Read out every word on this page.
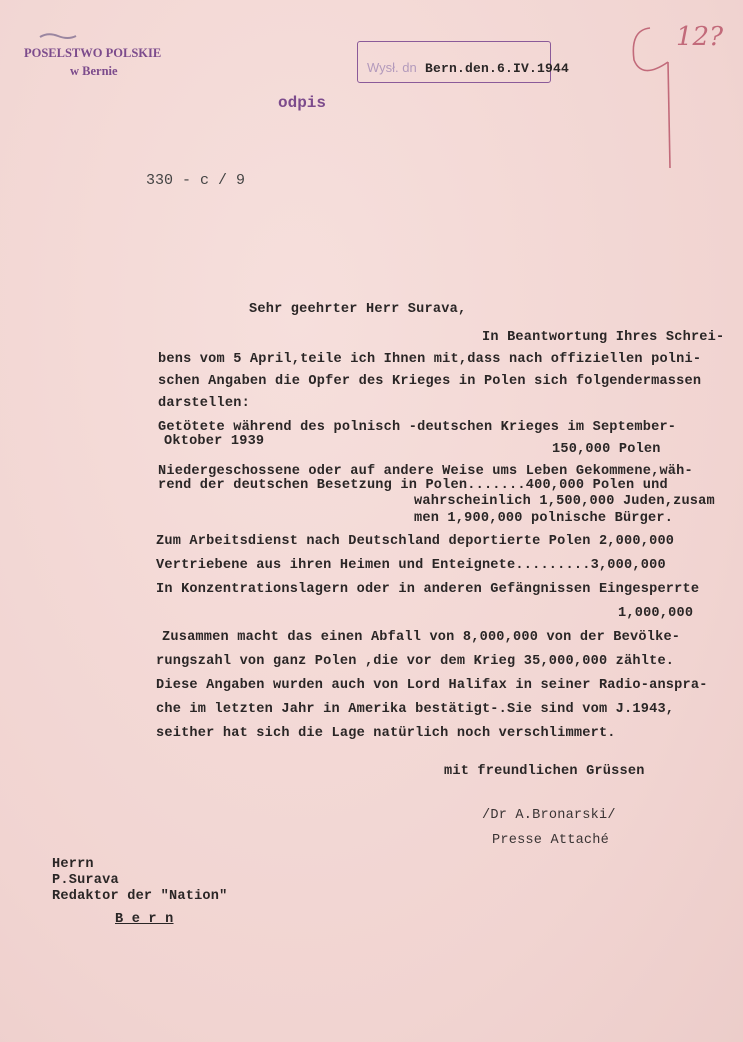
POSELSTWO POLSKIE
w Bernie	Wysł. dn Bern.den.6.IV.1944
12?
odpis
330 - c / 9
Sehr geehrter Herr Surava,
In Beantwortung Ihres Schrei-
bens vom 5 April,teile ich Ihnen mit,dass nach offiziellen polni-
schen Angaben die Opfer des Krieges in Polen sich folgendermassen
darstellen:
Getötete während des polnisch -deutschen Krieges im September-
Oktober 1939
150,000 Polen
Niedergeschossene oder auf andere Weise ums Leben Gekommene,wäh-
rend der deutschen Besetzung in Polen.......400,000 Polen und
wahrscheinlich 1,500,000 Juden,zusam
men 1,900,000 polnische Bürger.
Zum Arbeitsdienst nach Deutschland deportierte Polen 2,000,000
Vertriebene aus ihren Heimen und Enteignete.........3,000,000
In Konzentrationslagern oder in anderen Gefängnissen Eingesperrte
1,000,000
Zusammen macht das einen Abfall von 8,000,000 von der Bevölke-
rungszahl von ganz Polen ,die vor dem Krieg 35,000,000 zählte.
Diese Angaben wurden auch von Lord Halifax in seiner Radio-anspra-
che im letzten Jahr in Amerika bestätigt-.Sie sind vom J.1943,
seither hat sich die Lage natürlich noch verschlimmert.
mit freundlichen Grüssen
/Dr A.Bronarski/
Presse Attaché
Herrn
P.Surava
Redaktor der "Nation"
B e r n
